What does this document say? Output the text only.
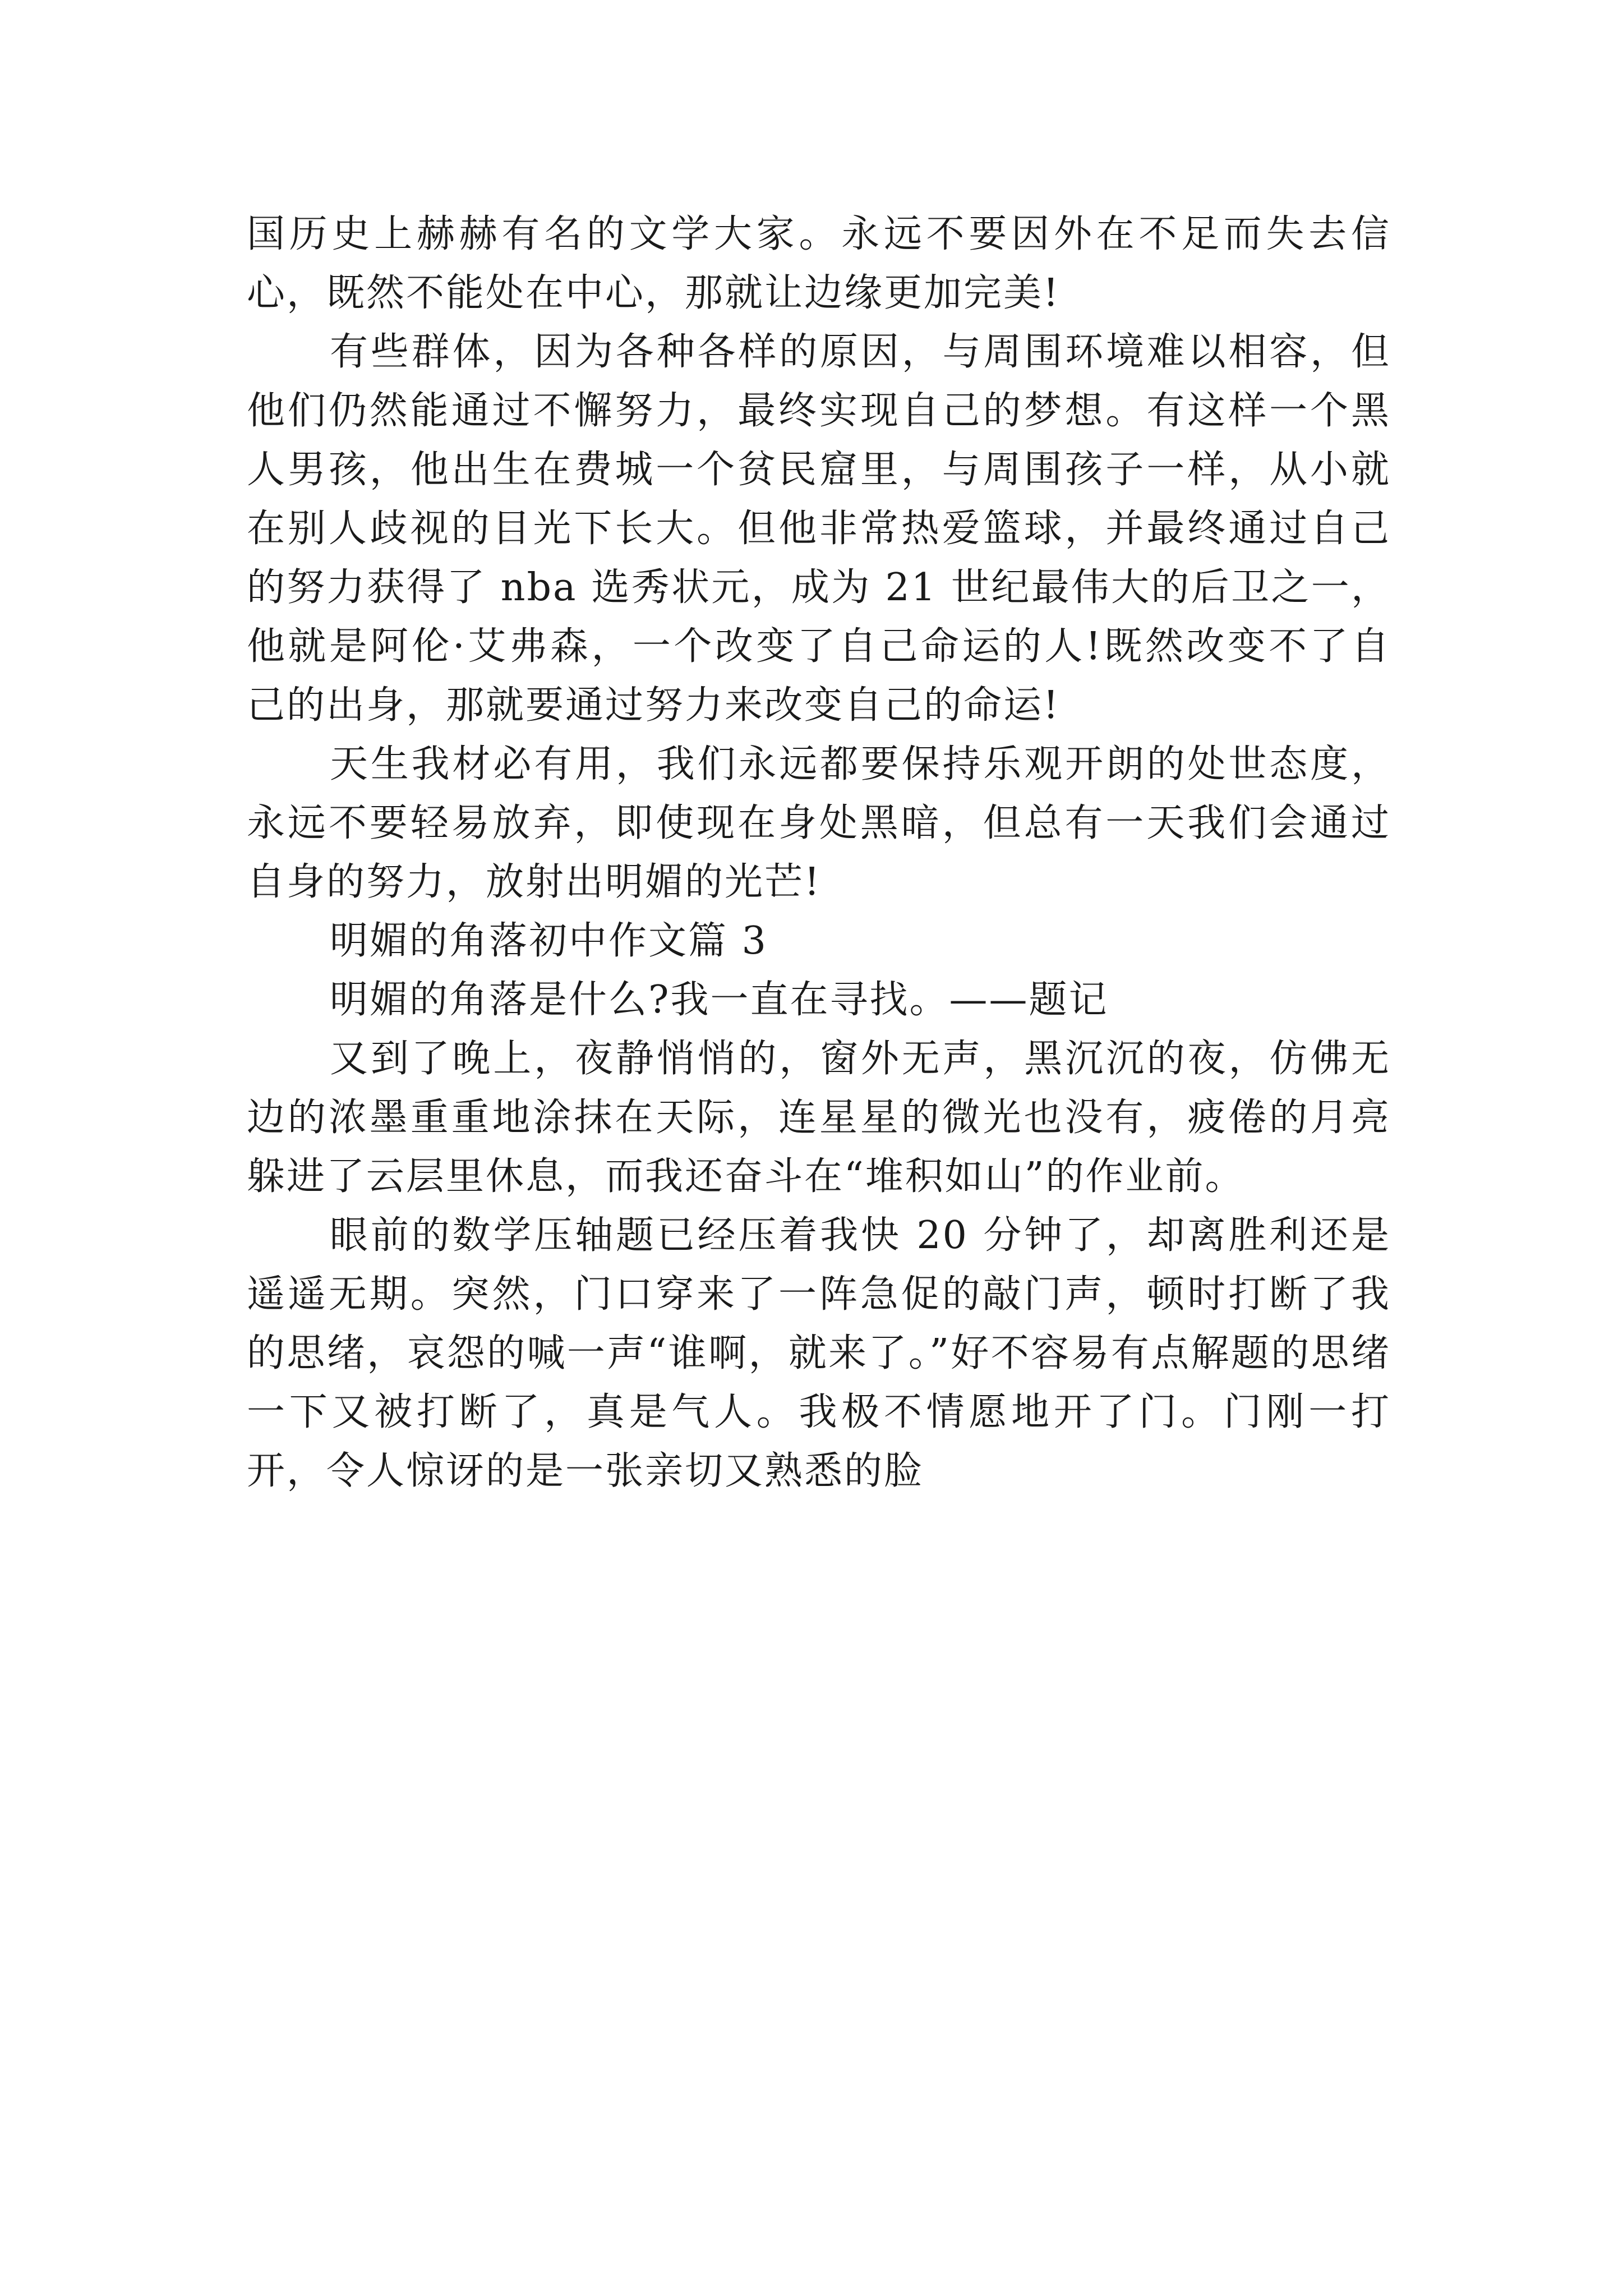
国历史上赫赫有名的文学大家。永远不要因外在不足而失去信心，既然不能处在中心，那就让边缘更加完美!

有些群体，因为各种各样的原因，与周围环境难以相容，但他们仍然能通过不懈努力，最终实现自己的梦想。有这样一个黑人男孩，他出生在费城一个贫民窟里，与周围孩子一样，从小就在别人歧视的目光下长大。但他非常热爱篮球，并最终通过自己的努力获得了 nba 选秀状元，成为 21 世纪最伟大的后卫之一，他就是阿伦·艾弗森，一个改变了自己命运的人!既然改变不了自己的出身，那就要通过努力来改变自己的命运!

天生我材必有用，我们永远都要保持乐观开朗的处世态度，永远不要轻易放弃，即使现在身处黑暗，但总有一天我们会通过自身的努力，放射出明媚的光芒!

明媚的角落初中作文篇 3

明媚的角落是什么?我一直在寻找。——题记

又到了晚上，夜静悄悄的，窗外无声，黑沉沉的夜，仿佛无边的浓墨重重地涂抹在天际，连星星的微光也没有，疲倦的月亮躲进了云层里休息，而我还奋斗在“堆积如山”的作业前。

眼前的数学压轴题已经压着我快 20 分钟了，却离胜利还是遥遥无期。突然，门口穿来了一阵急促的敲门声，顿时打断了我的思绪，哀怨的喊一声“谁啊，就来了。”好不容易有点解题的思绪一下又被打断了，真是气人。我极不情愿地开了门。门刚一打开，令人惊讶的是一张亲切又熟悉的脸
